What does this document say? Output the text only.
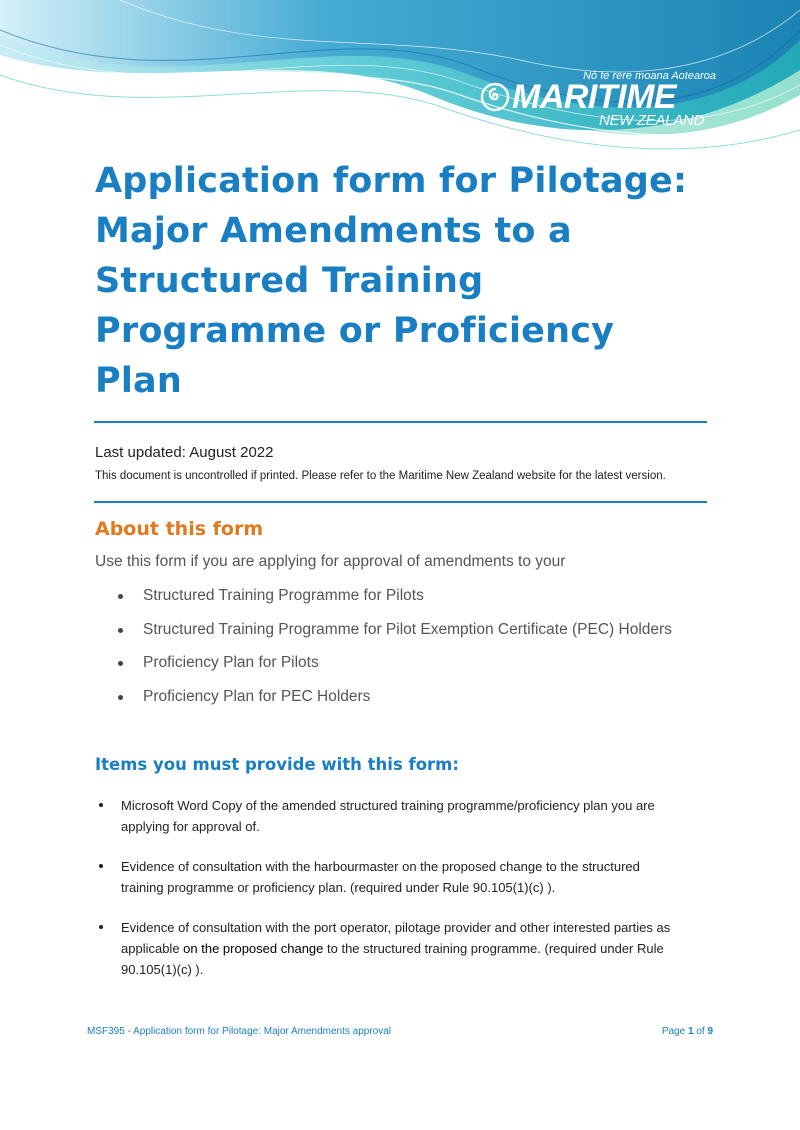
Nō te rere moana Aotearoa
MARITIME
NEW ZEALAND
Application form for Pilotage:
Major Amendments to a
Structured Training
Programme or Proficiency
Plan
Last updated: August 2022
This document is uncontrolled if printed. Please refer to the Maritime New Zealand website for the latest version.
About this form
Use this form if you are applying for approval of amendments to your
Structured Training Programme for Pilots
Structured Training Programme for Pilot Exemption Certificate (PEC) Holders
Proficiency Plan for Pilots
Proficiency Plan for PEC Holders
Items you must provide with this form:
Microsoft Word Copy of the amended structured training programme/proficiency plan you are
applying for approval of.
Evidence of consultation with the harbourmaster on the proposed change to the structured
training programme or proficiency plan. (required under Rule 90.105(1)(c) ).
Evidence of consultation with the port operator, pilotage provider and other interested parties as
applicable on the proposed change to the structured training programme. (required under Rule
90.105(1)(c) ).
MSF395 - Application form for Pilotage: Major Amendments approval	Page 1 of 9
